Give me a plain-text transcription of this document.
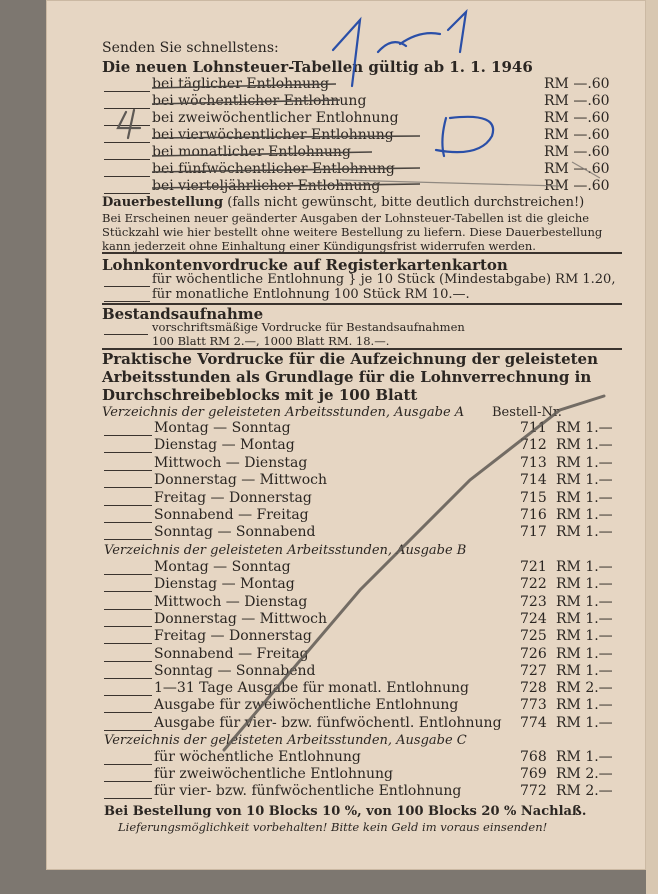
Senden Sie schnellstens:
Die neuen Lohnsteuer-Tabellen gültig ab 1. 1. 1946
bei täglicher Entlohnung	RM —.60
bei wöchentlicher Entlohnung	RM —.60
bei zweiwöchentlicher Entlohnung	RM —.60
bei vierwöchentlicher Entlohnung	RM —.60
bei monatlicher Entlohnung	RM —.60
bei fünfwöchentlicher Entlohnung	RM —.60
bei vierteljährlicher Entlohnung	RM —.60
Dauerbestellung (falls nicht gewünscht, bitte deutlich durchstreichen!)
Bei Erscheinen neuer geänderter Ausgaben der Lohnsteuer-Tabellen ist die gleiche
Stückzahl wie hier bestellt ohne weitere Bestellung zu liefern. Diese Dauerbestellung
kann jederzeit ohne Einhaltung einer Kündigungsfrist widerrufen werden.
Lohnkontenvordrucke auf Registerkartenkarton
für wöchentliche Entlohnung } je 10 Stück (Mindestabgabe) RM 1.20,
für monatliche Entlohnung 100 Stück RM 10.—.
Bestandsaufnahme
vorschriftsmäßige Vordrucke für Bestandsaufnahmen
100 Blatt RM 2.—, 1000 Blatt RM. 18.—.
Praktische Vordrucke für die Aufzeichnung der geleisteten
Arbeitsstunden als Grundlage für die Lohnverrechnung in
Durchschreibeblocks mit je 100 Blatt
Verzeichnis der geleisteten Arbeitsstunden, Ausgabe A Bestell-Nr.
Montag — Sonntag	711 RM 1.—
Dienstag — Montag	712 RM 1.—
Mittwoch — Dienstag	713 RM 1.—
Donnerstag — Mittwoch	714 RM 1.—
Freitag — Donnerstag	715 RM 1.—
Sonnabend — Freitag	716 RM 1.—
Sonntag — Sonnabend	717 RM 1.—
Verzeichnis der geleisteten Arbeitsstunden, Ausgabe B
Montag — Sonntag	721 RM 1.—
Dienstag — Montag	722 RM 1.—
Mittwoch — Dienstag	723 RM 1.—
Donnerstag — Mittwoch	724 RM 1.—
Freitag — Donnerstag	725 RM 1.—
Sonnabend — Freitag	726 RM 1.—
Sonntag — Sonnabend	727 RM 1.—
1—31 Tage Ausgabe für monatl. Entlohnung	728 RM 2.—
Ausgabe für zweiwöchentliche Entlohnung	773 RM 1.—
Ausgabe für vier- bzw. fünfwöchentl. Entlohnung 774 RM 1.—
Verzeichnis der geleisteten Arbeitsstunden, Ausgabe C
für wöchentliche Entlohnung	768 RM 1.—
für zweiwöchentliche Entlohnung	769 RM 2.—
für vier- bzw. fünfwöchentliche Entlohnung	772 RM 2.—
Bei Bestellung von 10 Blocks 10 %, von 100 Blocks 20 % Nachlaß.
Lieferungsmöglichkeit vorbehalten! Bitte kein Geld im voraus einsenden!
